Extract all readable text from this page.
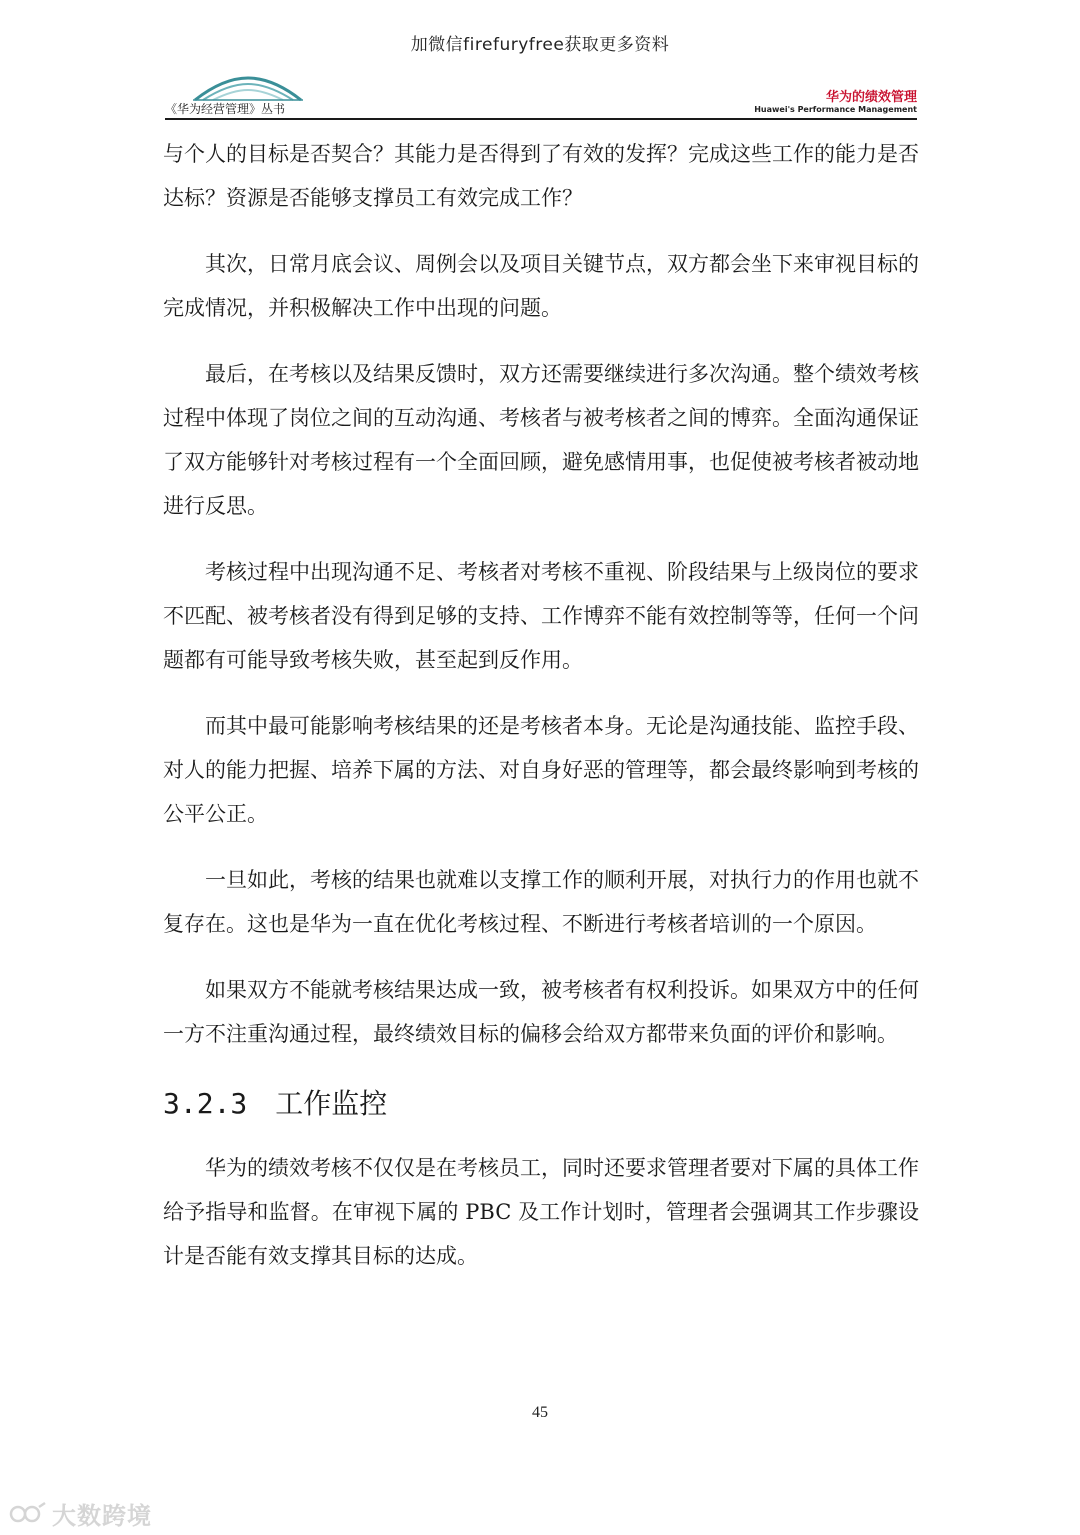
加微信firefuryfree获取更多资料
《华为经营管理》丛书
华为的绩效管理
Huawei's Performance Management

与个人的目标是否契合？其能力是否得到了有效的发挥？完成这些工作的能力是否达标？资源是否能够支撑员工有效完成工作？

其次，日常月底会议、周例会以及项目关键节点，双方都会坐下来审视目标的完成情况，并积极解决工作中出现的问题。

最后，在考核以及结果反馈时，双方还需要继续进行多次沟通。整个绩效考核过程中体现了岗位之间的互动沟通、考核者与被考核者之间的博弈。全面沟通保证了双方能够针对考核过程有一个全面回顾，避免感情用事，也促使被考核者被动地进行反思。

考核过程中出现沟通不足、考核者对考核不重视、阶段结果与上级岗位的要求不匹配、被考核者没有得到足够的支持、工作博弈不能有效控制等等，任何一个问题都有可能导致考核失败，甚至起到反作用。

而其中最可能影响考核结果的还是考核者本身。无论是沟通技能、监控手段、对人的能力把握、培养下属的方法、对自身好恶的管理等，都会最终影响到考核的公平公正。

一旦如此，考核的结果也就难以支撑工作的顺利开展，对执行力的作用也就不复存在。这也是华为一直在优化考核过程、不断进行考核者培训的一个原因。

如果双方不能就考核结果达成一致，被考核者有权利投诉。如果双方中的任何一方不注重沟通过程，最终绩效目标的偏移会给双方都带来负面的评价和影响。

3.2.3 工作监控

华为的绩效考核不仅仅是在考核员工，同时还要求管理者要对下属的具体工作给予指导和监督。在审视下属的 PBC 及工作计划时，管理者会强调其工作步骤设计是否能有效支撑其目标的达成。

45
大数跨境
